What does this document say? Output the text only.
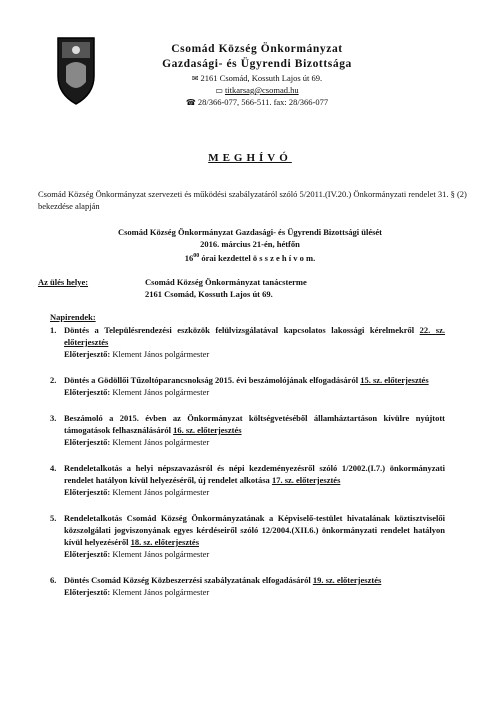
Csomád Község Önkormányzat
Gazdasági- és Ügyrendi Bizottsága
✉ 2161 Csomád, Kossuth Lajos út 69.
▭ titkarsag@csomad.hu
☎ 28/366-077, 566-511. fax: 28/366-077
MEGHÍVÓ
Csomád Község Önkormányzat szervezeti és működési szabályzatáról szóló 5/2011.(IV.20.) Önkormányzati rendelet 31. § (2) bekezdése alapján
Csomád Község Önkormányzat Gazdasági- és Ügyrendi Bizottsági ülését
2016. március 21-én, hétfőn
$16^{00}$ órai kezdettel ö s s z e h í v o m.
Az ülés helye:	Csomád Község Önkormányzat tanácsterme
2161 Csomád, Kossuth Lajos út 69.
Napirendek:
1. Döntés a Településrendezési eszközök felülvizsgálatával kapcsolatos lakossági kérelmekről 22. sz. előterjesztés
Előterjesztő: Klement János polgármester
2. Döntés a Gödöllői Tűzoltóparancsnokság 2015. évi beszámolójának elfogadásáról 15. sz. előterjesztés
Előterjesztő: Klement János polgármester
3. Beszámoló a 2015. évben az Önkormányzat költségvetéséből államháztartáson kívülre nyújtott támogatások felhasználásáról 16. sz. előterjesztés
Előterjesztő: Klement János polgármester
4. Rendeletalkotás a helyi népszavazásról és népi kezdeményezésről szóló 1/2002.(I.7.) önkormányzati rendelet hatályon kívül helyezéséről, új rendelet alkotása 17. sz. előterjesztés
Előterjesztő: Klement János polgármester
5. Rendeletalkotás Csomád Község Önkormányzatának a Képviselő-testület hivatalának köztisztviselői közszolgálati jogviszonyának egyes kérdéseiről szóló 12/2004.(XII.6.) önkormányzati rendelet hatályon kívül helyezéséről 18. sz. előterjesztés
Előterjesztő: Klement János polgármester
6. Döntés Csomád Község Közbeszerzési szabályzatának elfogadásáról 19. sz. előterjesztés
Előterjesztő: Klement János polgármester
